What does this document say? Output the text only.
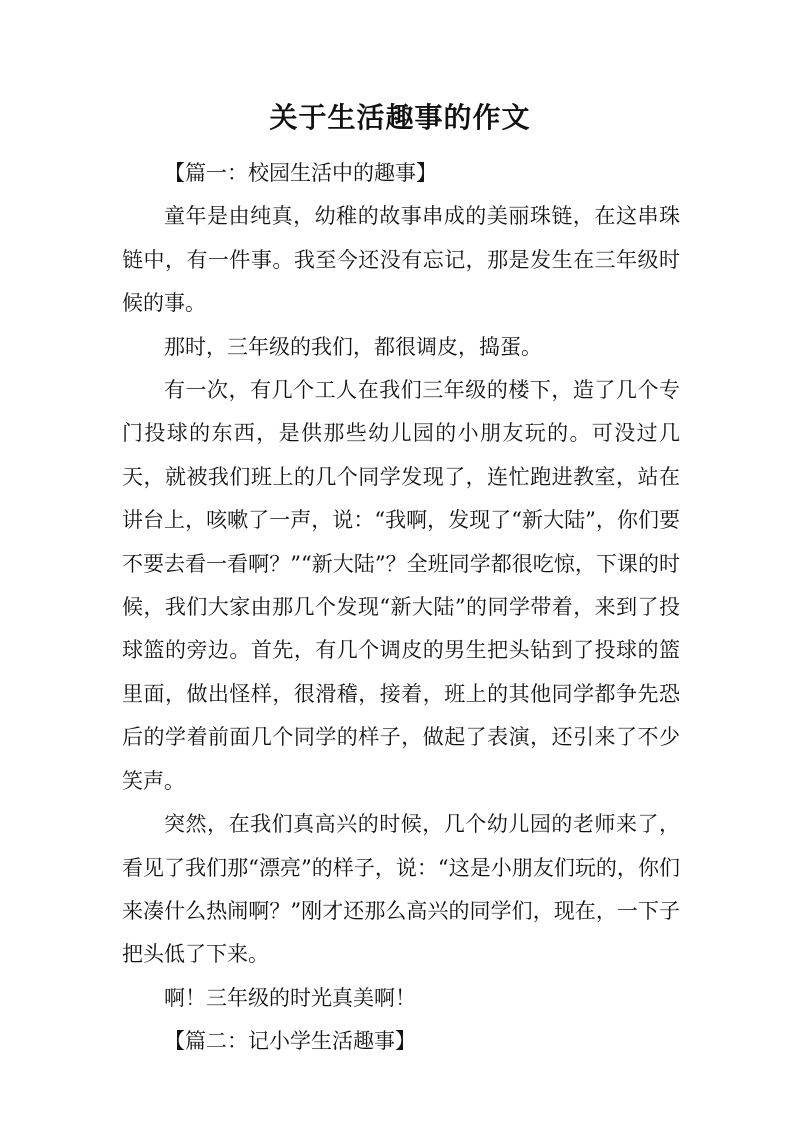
关于生活趣事的作文

【篇一：校园生活中的趣事】

童年是由纯真，幼稚的故事串成的美丽珠链，在这串珠链中，有一件事。我至今还没有忘记，那是发生在三年级时候的事。

那时，三年级的我们，都很调皮，捣蛋。

有一次，有几个工人在我们三年级的楼下，造了几个专门投球的东西，是供那些幼儿园的小朋友玩的。可没过几天，就被我们班上的几个同学发现了，连忙跑进教室，站在讲台上，咳嗽了一声，说：“我啊，发现了“新大陆”，你们要不要去看一看啊？”“新大陆”？全班同学都很吃惊，下课的时候，我们大家由那几个发现“新大陆”的同学带着，来到了投球篮的旁边。首先，有几个调皮的男生把头钻到了投球的篮里面，做出怪样，很滑稽，接着，班上的其他同学都争先恐后的学着前面几个同学的样子，做起了表演，还引来了不少笑声。

突然，在我们真高兴的时候，几个幼儿园的老师来了，看见了我们那“漂亮”的样子，说：“这是小朋友们玩的，你们来凑什么热闹啊？”刚才还那么高兴的同学们，现在，一下子把头低了下来。

啊！三年级的时光真美啊！

【篇二：记小学生活趣事】
